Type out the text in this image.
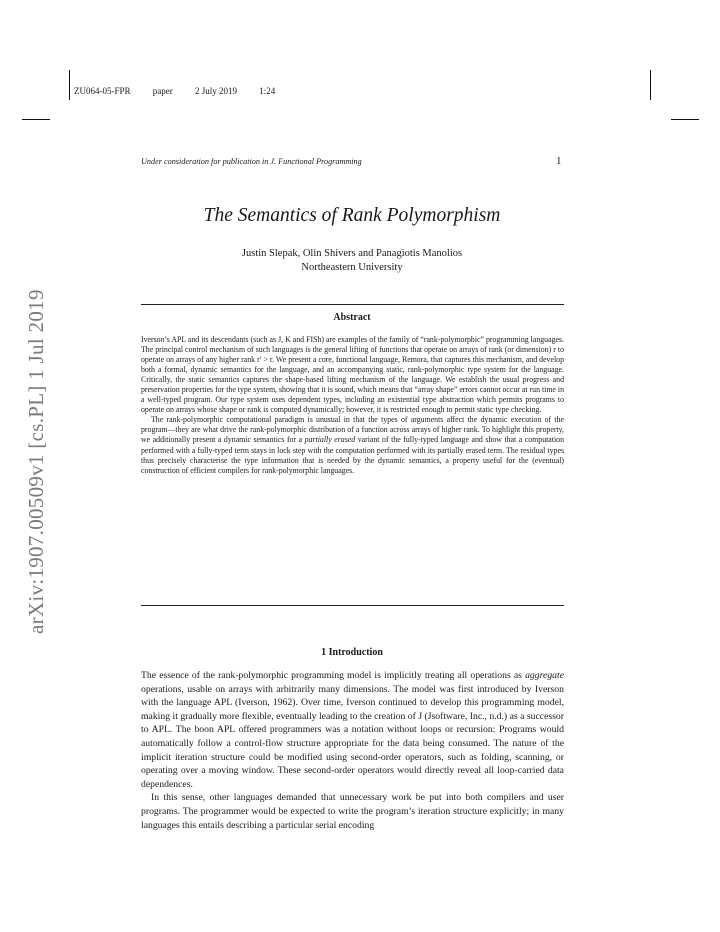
ZU064-05-FPR paper 2 July 2019 1:24
arXiv:1907.00509v1 [cs.PL] 1 Jul 2019
Under consideration for publication in J. Functional Programming	1
The Semantics of Rank Polymorphism
Justin Slepak, Olin Shivers and Panagiotis Manolios
Northeastern University
Abstract

Iverson’s APL and its descendants (such as J, K and FISh) are examples of the family of “rank-polymorphic” programming languages. The principal control mechanism of such languages is the general lifting of functions that operate on arrays of rank (or dimension) r to operate on arrays of any higher rank r′ > r. We present a core, functional language, Remora, that captures this mechanism, and develop both a formal, dynamic semantics for the language, and an accompanying static, rank-polymorphic type system for the language. Critically, the static semantics captures the shape-based lifting mechanism of the language. We establish the usual progress and preservation properties for the type system, showing that it is sound, which means that “array shape” errors cannot occur at run time in a well-typed program. Our type system uses dependent types, including an existential type abstraction which permits programs to operate on arrays whose shape or rank is computed dynamically; however, it is restricted enough to permit static type checking.

The rank-polymorphic computational paradigm is unusual in that the types of arguments affect the dynamic execution of the program—they are what drive the rank-polymorphic distribution of a function across arrays of higher rank. To highlight this property, we additionally present a dynamic semantics for a partially erased variant of the fully-typed language and show that a computation performed with a fully-typed term stays in lock step with the computation performed with its partially erased term. The residual types thus precisely characterise the type information that is needed by the dynamic semantics, a property useful for the (eventual) construction of efficient compilers for rank-polymorphic languages.

1 Introduction

The essence of the rank-polymorphic programming model is implicitly treating all operations as aggregate operations, usable on arrays with arbitrarily many dimensions. The model was first introduced by Iverson with the language APL (Iverson, 1962). Over time, Iverson continued to develop this programming model, making it gradually more flexible, eventually leading to the creation of J (Jsoftware, Inc., n.d.) as a successor to APL. The boon APL offered programmers was a notation without loops or recursion: Programs would automatically follow a control-flow structure appropriate for the data being consumed. The nature of the implicit iteration structure could be modified using second-order operators, such as folding, scanning, or operating over a moving window. These second-order operators would directly reveal all loop-carried data dependences.

In this sense, other languages demanded that unnecessary work be put into both compilers and user programs. The programmer would be expected to write the program’s iteration structure explicitly; in many languages this entails describing a particular serial encoding
